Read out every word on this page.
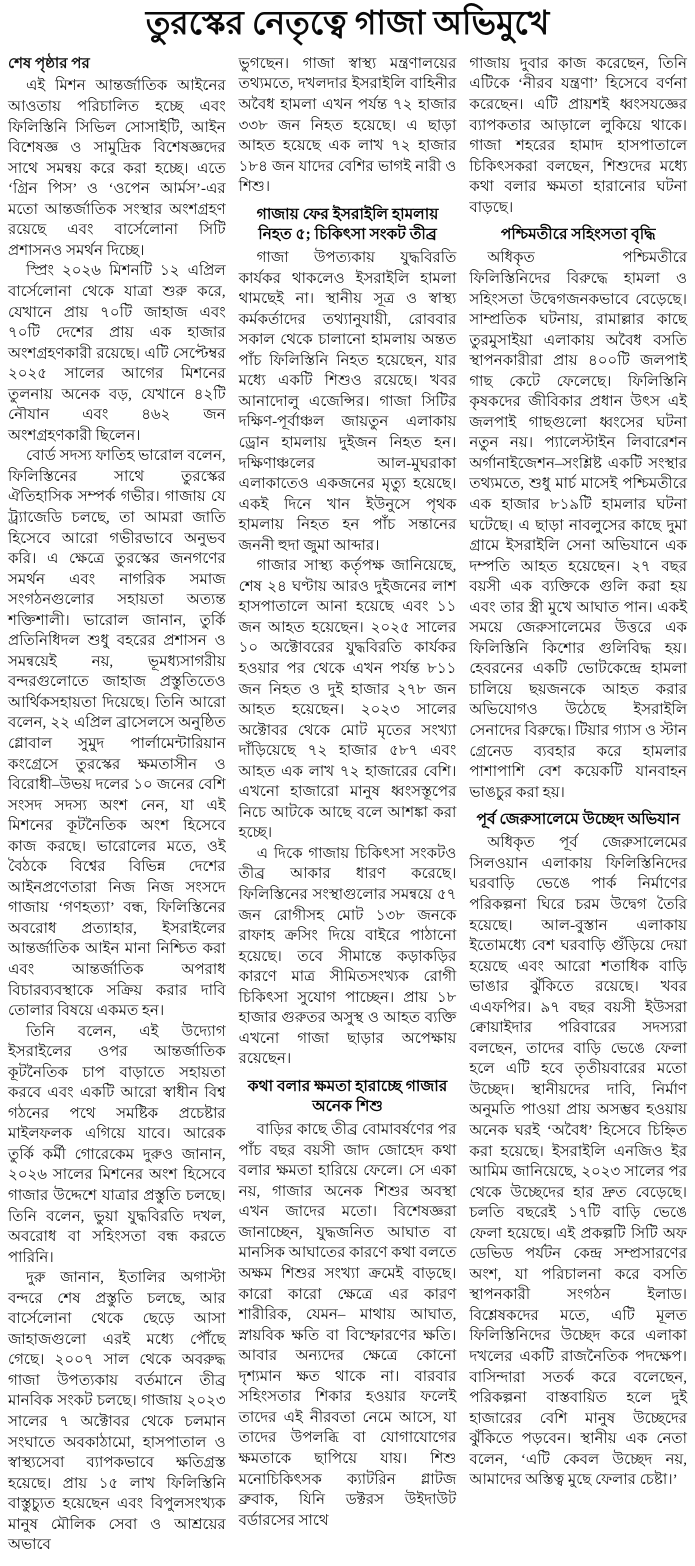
তুরস্কের নেতৃত্বে গাজা অভিমুখে

শেষ পৃষ্ঠার পর

এই মিশন আন্তর্জাতিক আইনের আওতায় পরিচালিত হচ্ছে এবং ফিলিস্তিনি সিভিল সোসাইটি, আইন বিশেষজ্ঞ ও সামুদ্রিক বিশেষজ্ঞদের সাথে সমন্বয় করে করা হচ্ছে। এতে ‘গ্রিন পিস’ ও ‘ওপেন আর্মস’-এর মতো আন্তর্জাতিক সংস্থার অংশগ্রহণ রয়েছে এবং বার্সেলোনা সিটি প্রশাসনও সমর্থন দিচ্ছে।

স্প্রিং ২০২৬ মিশনটি ১২ এপ্রিল বার্সেলোনা থেকে যাত্রা শুরু করে, যেখানে প্রায় ৭০টি জাহাজ এবং ৭০টি দেশের প্রায় এক হাজার অংশগ্রহণকারী রয়েছে। এটি সেপ্টেম্বর ২০২৫ সালের আগের মিশনের তুলনায় অনেক বড়, যেখানে ৪২টি নৌযান এবং ৪৬২ জন অংশগ্রহণকারী ছিলেন।

বোর্ড সদস্য ফাতিহ ভারোল বলেন, ফিলিস্তিনের সাথে তুরস্কের ঐতিহাসিক সম্পর্ক গভীর। গাজায় যে ট্র্যাজেডি চলছে, তা আমরা জাতি হিসেবে আরো গভীরভাবে অনুভব করি। এ ক্ষেত্রে তুরস্কের জনগণের সমর্থন এবং নাগরিক সমাজ সংগঠনগুলোর সহায়তা অত্যন্ত শক্তিশালী। ভারোল জানান, তুর্কি প্রতিনিধিদল শুধু বহরের প্রশাসন ও সমন্বয়েই নয়, ভূমধ্যসাগরীয় বন্দরগুলোতে জাহাজ প্রস্তুতিতেও আর্থিকসহায়তা দিয়েছে। তিনি আরো বলেন, ২২ এপ্রিল ব্রাসেলসে অনুষ্ঠিত গ্লোবাল সুমুদ পার্লামেন্টারিয়ান কংগ্রেসে তুরস্কের ক্ষমতাসীন ও বিরোধী–উভয় দলের ১০ জনের বেশি সংসদ সদস্য অংশ নেন, যা এই মিশনের কূটনৈতিক অংশ হিসেবে কাজ করছে। ভারোলের মতে, ওই বৈঠকে বিশ্বের বিভিন্ন দেশের আইনপ্রণেতারা নিজ নিজ সংসদে গাজায় ‘গণহত্যা’ বন্ধ, ফিলিস্তিনের অবরোধ প্রত্যাহার, ইসরাইলের আন্তর্জাতিক আইন মানা নিশ্চিত করা এবং আন্তর্জাতিক অপরাধ বিচারব্যবস্থাকে সক্রিয় করার দাবি তোলার বিষয়ে একমত হন।

তিনি বলেন, এই উদ্যোগ ইসরাইলের ওপর আন্তর্জাতিক কূটনৈতিক চাপ বাড়াতে সহায়তা করবে এবং একটি আরো স্বাধীন বিশ্ব গঠনের পথে সমষ্টিক প্রচেষ্টার মাইলফলক এগিয়ে যাবে। আরেক তুর্কি কর্মী গোরেকেম দুরুও জানান, ২০২৬ সালের মিশনের অংশ হিসেবে গাজার উদ্দেশে যাত্রার প্রস্তুতি চলছে। তিনি বলেন, ভুয়া যুদ্ধবিরতি দখল, অবরোধ বা সহিংসতা বন্ধ করতে পারিনি।

দুরু জানান, ইতালির অগাস্টা বন্দরে শেষ প্রস্তুতি চলছে, আর বার্সেলোনা থেকে ছেড়ে আসা জাহাজগুলো এরই মধ্যে পৌঁছে গেছে। ২০০৭ সাল থেকে অবরুদ্ধ গাজা উপত্যকায় বর্তমানে তীব্র মানবিক সংকট চলছে। গাজায় ২০২৩ সালের ৭ অক্টোবর থেকে চলমান সংঘাতে অবকাঠামো, হাসপাতাল ও স্বাস্থ্যসেবা ব্যাপকভাবে ক্ষতিগ্রস্ত হয়েছে। প্রায় ১৫ লাখ ফিলিস্তিনি বাস্তুচ্যুত হয়েছেন এবং বিপুলসংখ্যক মানুষ মৌলিক সেবা ও আশ্রয়ের অভাবে

ভুগছেন। গাজা স্বাস্থ্য মন্ত্রণালয়ের তথ্যমতে, দখলদার ইসরাইলি বাহিনীর অবৈধ হামলা এখন পর্যন্ত ৭২ হাজার ৩৩৮ জন নিহত হয়েছে। এ ছাড়া আহত হয়েছে এক লাখ ৭২ হাজার ১৮৪ জন যাদের বেশির ভাগই নারী ও শিশু।

গাজায় ফের ইসরাইলি হামলায় নিহত ৫; চিকিৎসা সংকট তীব্র

গাজা উপত্যকায় যুদ্ধবিরতি কার্যকর থাকলেও ইসরাইলি হামলা থামছেই না। স্থানীয় সূত্র ও স্বাস্থ্য কর্মকর্তাদের তথ্যানুযায়ী, রোববার সকাল থেকে চালানো হামলায় অন্তত পাঁচ ফিলিস্তিনি নিহত হয়েছেন, যার মধ্যে একটি শিশুও রয়েছে। খবর আনাদোলু এজেন্সির। গাজা সিটির দক্ষিণ-পূর্বাঞ্চল জায়তুন এলাকায় ড্রোন হামলায় দুইজন নিহত হন। দক্ষিণাঞ্চলের আল-মুঘরাকা এলাকাতেও একজনের মৃত্যু হয়েছে। একই দিনে খান ইউনুসে পৃথক হামলায় নিহত হন পাঁচ সন্তানের জননী হুদা জুমা আব্দার।

গাজার সাস্থ্য কর্তৃপক্ষ জানিয়েছে, শেষ ২৪ ঘণ্টায় আরও দুইজনের লাশ হাসপাতালে আনা হয়েছে এবং ১১ জন আহত হয়েছেন। ২০২৫ সালের ১০ অক্টোবরের যুদ্ধবিরতি কার্যকর হওয়ার পর থেকে এখন পর্যন্ত ৮১১ জন নিহত ও দুই হাজার ২৭৮ জন আহত হয়েছেন। ২০২৩ সালের অক্টোবর থেকে মোট মৃতের সংখ্যা দাঁড়িয়েছে ৭২ হাজার ৫৮৭ এবং আহত এক লাখ ৭২ হাজারের বেশি। এখনো হাজারো মানুষ ধ্বংসস্তূপের নিচে আটকে আছে বলে আশঙ্কা করা হচ্ছে।

এ দিকে গাজায় চিকিৎসা সংকটও তীব্র আকার ধারণ করেছে। ফিলিস্তিনের সংস্থাগুলোর সমন্বয়ে ৫৭ জন রোগীসহ মোট ১৩৮ জনকে রাফাহ ক্রসিং দিয়ে বাইরে পাঠানো হয়েছে। তবে সীমান্তে কড়াকড়ির কারণে মাত্র সীমিতসংখ্যক রোগী চিকিৎসা সুযোগ পাচ্ছেন। প্রায় ১৮ হাজার গুরুতর অসুস্থ ও আহত ব্যক্তি এখনো গাজা ছাড়ার অপেক্ষায় রয়েছেন।

কথা বলার ক্ষমতা হারাচ্ছে গাজার অনেক শিশু

বাড়ির কাছে তীব্র বোমাবর্ষণের পর পাঁচ বছর বয়সী জাদ জোহেদ কথা বলার ক্ষমতা হারিয়ে ফেলে। সে একা নয়, গাজার অনেক শিশুর অবস্থা এখন জাদের মতো। বিশেষজ্ঞরা জানাচ্ছেন, যুদ্ধজনিত আঘাত বা মানসিক আঘাতের কারণে কথা বলতে অক্ষম শিশুর সংখ্যা ক্রমেই বাড়ছে। কারো কারো ক্ষেত্রে এর কারণ শারীরিক, যেমন– মাথায় আঘাত, স্নায়বিক ক্ষতি বা বিস্ফোরণের ক্ষতি। আবার অন্যদের ক্ষেত্রে কোনো দৃশ্যমান ক্ষত থাকে না। বারবার সহিংসতার শিকার হওয়ার ফলেই তাদের এই নীরবতা নেমে আসে, যা তাদের উপলব্ধি বা যোগাযোগের ক্ষমতাকে ছাপিয়ে যায়। শিশু মনোচিকিৎসক ক্যাটরিন গ্লাটজ ব্রুবাক, যিনি ডক্টরস উইদাউট বর্ডারসের সাথে

গাজায় দুবার কাজ করেছেন, তিনি এটিকে ‘নীরব যন্ত্রণা’ হিসেবে বর্ণনা করেছেন। এটি প্রায়শই ধ্বংসযজ্ঞের ব্যাপকতার আড়ালে লুকিয়ে থাকে। গাজা শহরের হামাদ হাসপাতালে চিকিৎসকরা বলছেন, শিশুদের মধ্যে কথা বলার ক্ষমতা হারানোর ঘটনা বাড়ছে।

পশ্চিমতীরে সহিংসতা বৃদ্ধি

অধিকৃত পশ্চিমতীরে ফিলিস্তিনিদের বিরুদ্ধে হামলা ও সহিংসতা উদ্বেগজনকভাবে বেড়েছে। সাম্প্রতিক ঘটনায়, রামাল্লার কাছে তুরমুসাইয়া এলাকায় অবৈধ বসতি স্থাপনকারীরা প্রায় ৪০০টি জলপাই গাছ কেটে ফেলেছে। ফিলিস্তিনি কৃষকদের জীবিকার প্রধান উৎস এই জলপাই গাছগুলো ধ্বংসের ঘটনা নতুন নয়। প্যালেস্টাইন লিবারেশন অর্গানাইজেশন–সংশ্লিষ্ট একটি সংস্থার তথ্যমতে, শুধু মার্চ মাসেই পশ্চিমতীরে এক হাজার ৮১৯টি হামলার ঘটনা ঘটেছে। এ ছাড়া নাবলুসের কাছে দুমা গ্রামে ইসরাইলি সেনা অভিযানে এক দম্পতি আহত হয়েছেন। ২৭ বছর বয়সী এক ব্যক্তিকে গুলি করা হয় এবং তার স্ত্রী মুখে আঘাত পান। একই সময়ে জেরুসালেমের উত্তরে এক ফিলিস্তিনি কিশোর গুলিবিদ্ধ হয়। হেবরনের একটি ভোটকেন্দ্রে হামলা চালিয়ে ছয়জনকে আহত করার অভিযোগও উঠেছে ইসরাইলি সেনাদের বিরুদ্ধে। টিয়ার গ্যাস ও স্টান গ্রেনেড ব্যবহার করে হামলার পাশাপাশি বেশ কয়েকটি যানবাহন ভাঙচুর করা হয়।

পূর্ব জেরুসালেমে উচ্ছেদ অভিযান

অধিকৃত পূর্ব জেরুসালেমের সিলওয়ান এলাকায় ফিলিস্তিনিদের ঘরবাড়ি ভেঙে পার্ক নির্মাণের পরিকল্পনা ঘিরে চরম উদ্বেগ তৈরি হয়েছে। আল-বুস্তান এলাকায় ইতোমধ্যে বেশ ঘরবাড়ি গুঁড়িয়ে দেয়া হয়েছে এবং আরো শতাধিক বাড়ি ভাঙার ঝুঁকিতে রয়েছে। খবর এএফপির। ৯৭ বছর বয়সী ইউসরা ক্বোয়াইদার পরিবারের সদস্যরা বলছেন, তাদের বাড়ি ভেঙে ফেলা হলে এটি হবে তৃতীয়বারের মতো উচ্ছেদ। স্থানীয়দের দাবি, নির্মাণ অনুমতি পাওয়া প্রায় অসম্ভব হওয়ায় অনেক ঘরই ‘অবৈধ’ হিসেবে চিহ্নিত করা হয়েছে। ইসরাইলি এনজিও ইর আমিম জানিয়েছে, ২০২৩ সালের পর থেকে উচ্ছেদের হার দ্রুত বেড়েছে। চলতি বছরেই ১৭টি বাড়ি ভেঙে ফেলা হয়েছে। এই প্রকল্পটি সিটি অফ ডেভিড পর্যটন কেন্দ্র সম্প্রসারণের অংশ, যা পরিচালনা করে বসতি স্থাপনকারী সংগঠন ইলাড। বিশ্লেষকদের মতে, এটি মূলত ফিলিস্তিনিদের উচ্ছেদ করে এলাকা দখলের একটি রাজনৈতিক পদক্ষেপ। বাসিন্দারা সতর্ক করে বলেছেন, পরিকল্পনা বাস্তবায়িত হলে দুই হাজারের বেশি মানুষ উচ্ছেদের ঝুঁকিতে পড়বেন। স্থানীয় এক নেতা বলেন, ‘এটি কেবল উচ্ছেদ নয়, আমাদের অস্তিত্ব মুছে ফেলার চেষ্টা।’
